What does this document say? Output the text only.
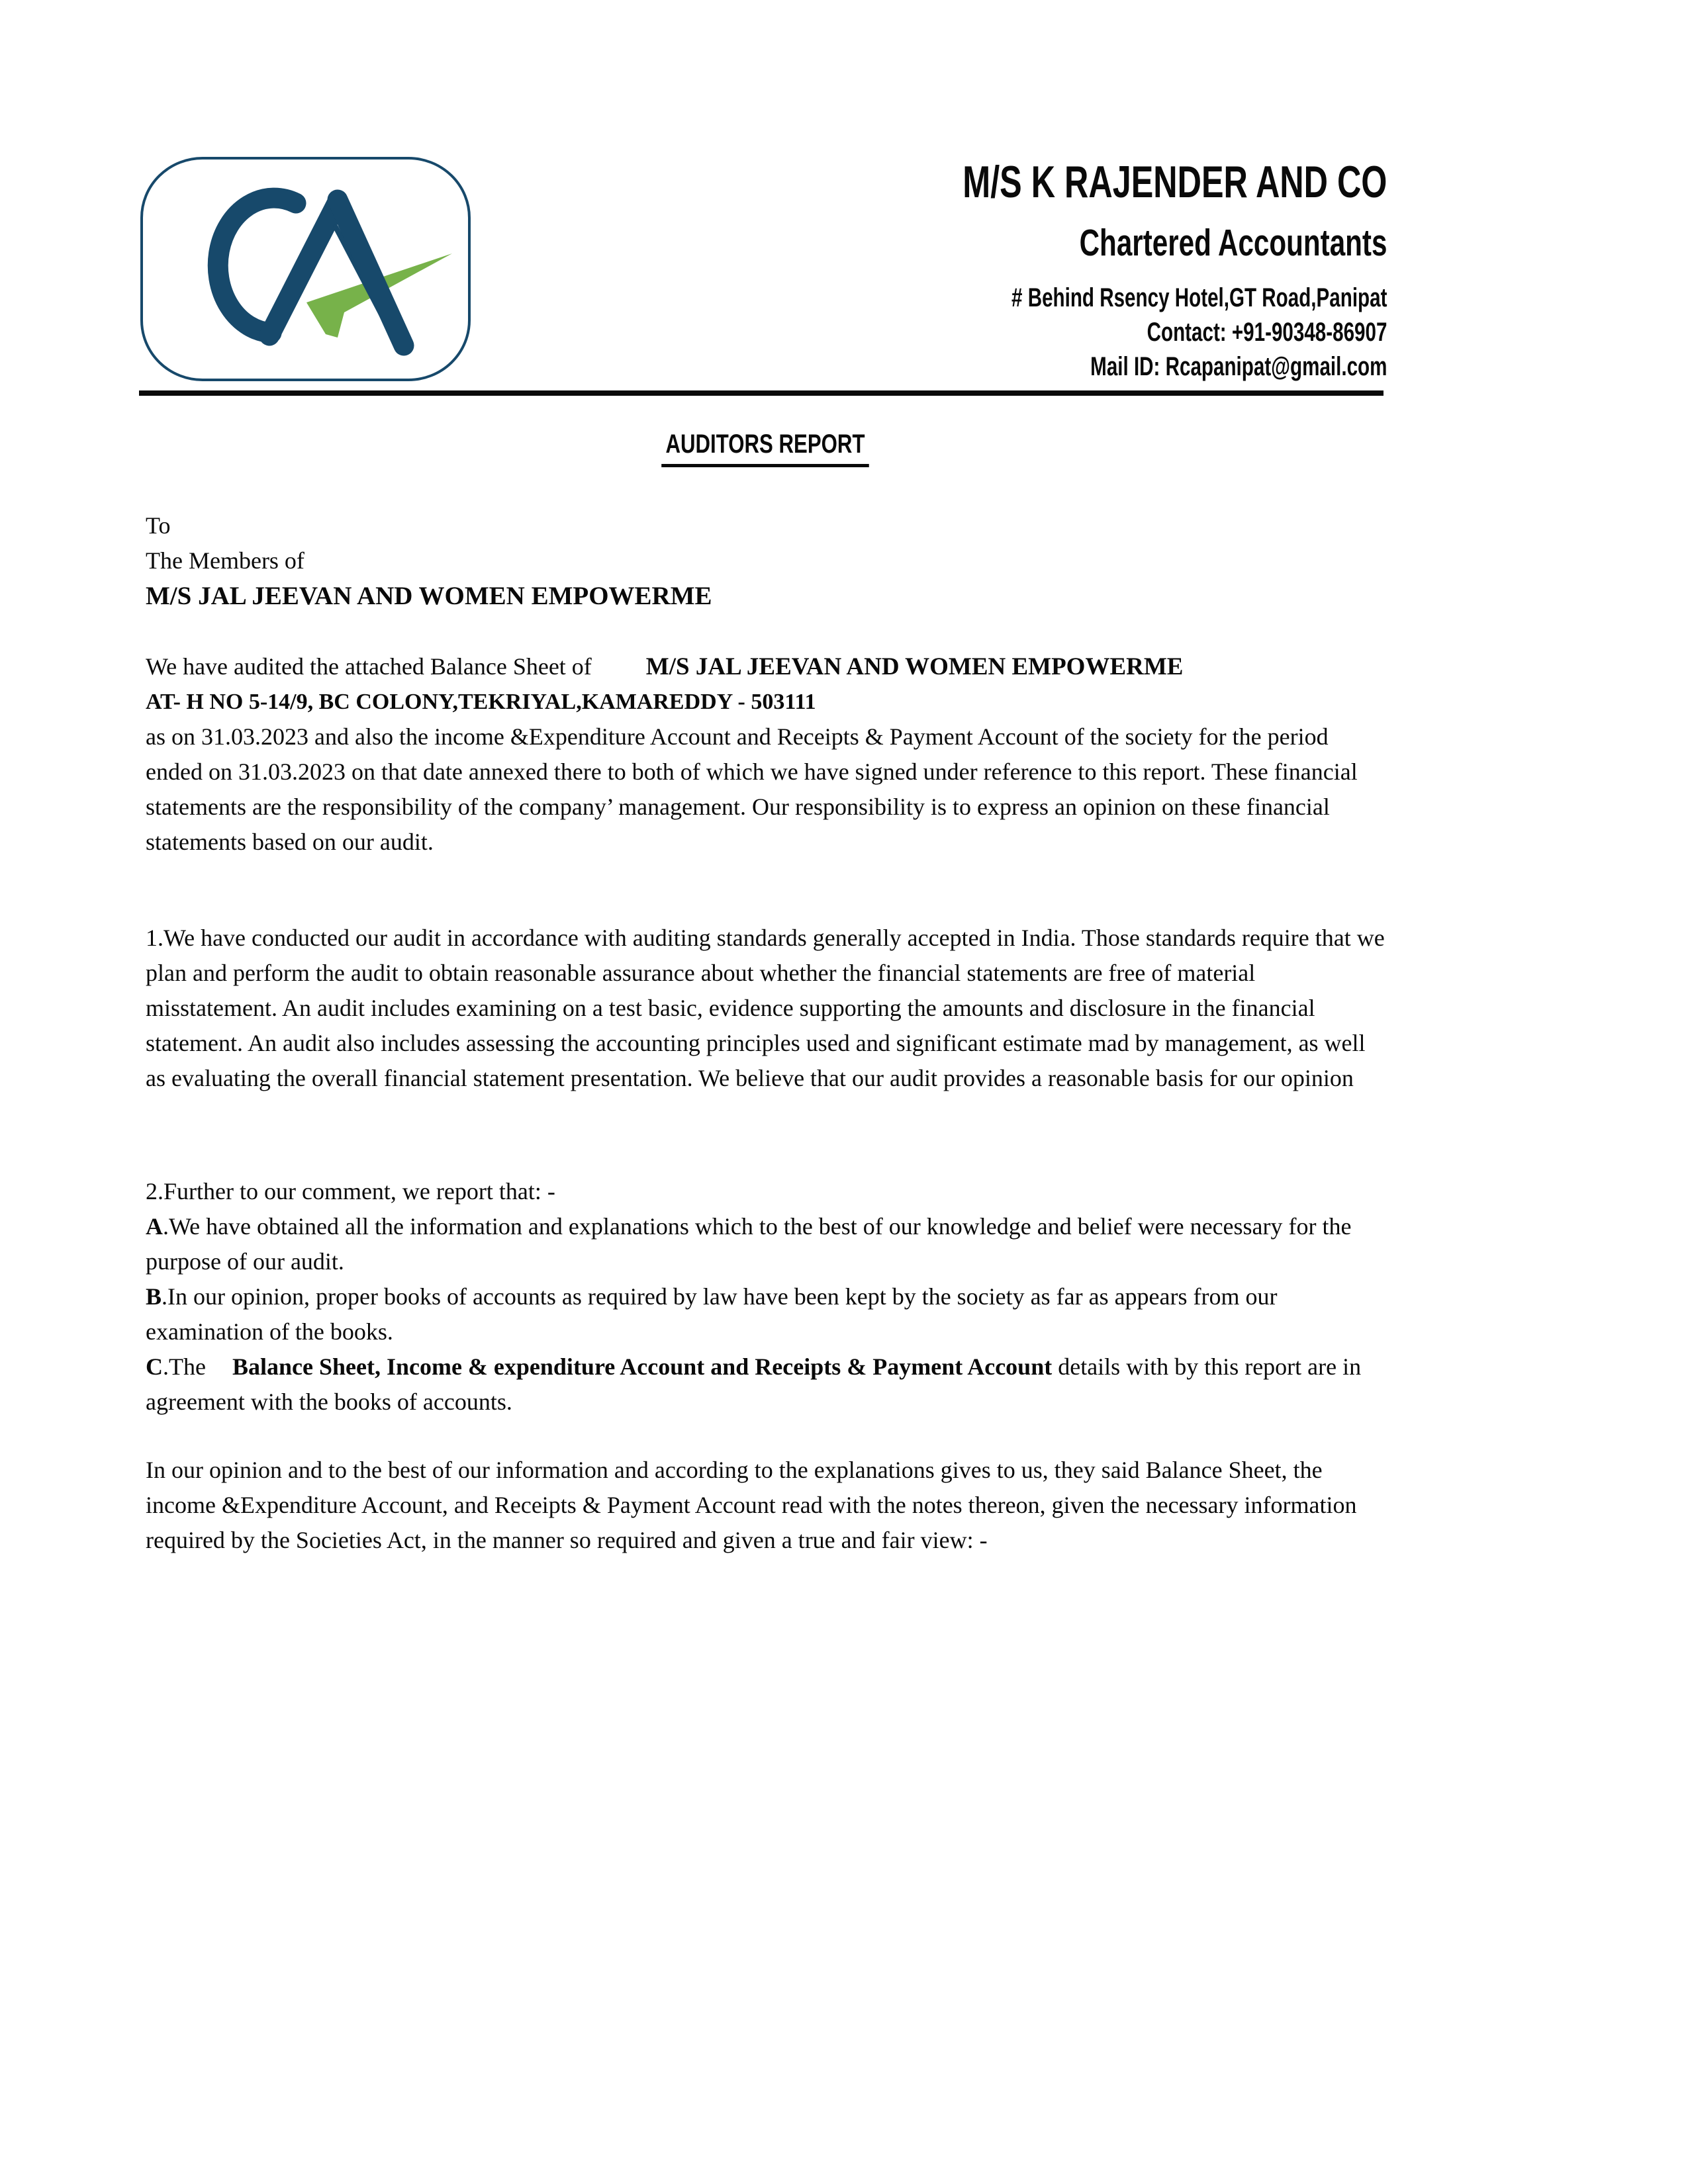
M/S K RAJENDER AND CO
Chartered Accountants
# Behind Rsency Hotel,GT Road,Panipat
Contact: +91-90348-86907
Mail ID: Rcapanipat@gmail.com
AUDITORS REPORT
To
The Members of
M/S JAL JEEVAN AND WOMEN EMPOWERME
We have audited the attached Balance Sheet of M/S JAL JEEVAN AND WOMEN EMPOWERME
AT- H NO 5-14/9, BC COLONY,TEKRIYAL,KAMAREDDY - 503111

as on 31.03.2023 and also the income &Expenditure Account and Receipts & Payment Account of the society for the period ended on 31.03.2023 on that date annexed there to both of which we have signed under reference to this report. These financial statements are the responsibility of the company’ management. Our responsibility is to express an opinion on these financial statements based on our audit.

1.We have conducted our audit in accordance with auditing standards generally accepted in India. Those standards require that we plan and perform the audit to obtain reasonable assurance about whether the financial statements are free of material misstatement. An audit includes examining on a test basic, evidence supporting the amounts and disclosure in the financial statement. An audit also includes assessing the accounting principles used and significant estimate mad by management, as well as evaluating the overall financial statement presentation. We believe that our audit provides a reasonable basis for our opinion

2.Further to our comment, we report that: -
A.We have obtained all the information and explanations which to the best of our knowledge and belief were necessary for the purpose of our audit.
B.In our opinion, proper books of accounts as required by law have been kept by the society as far as appears from our examination of the books.
C.The Balance Sheet, Income & expenditure Account and Receipts & Payment Account details with by this report are in agreement with the books of accounts.

In our opinion and to the best of our information and according to the explanations gives to us, they said Balance Sheet, the income &Expenditure Account, and Receipts & Payment Account read with the notes thereon, given the necessary information required by the Societies Act, in the manner so required and given a true and fair view: -
